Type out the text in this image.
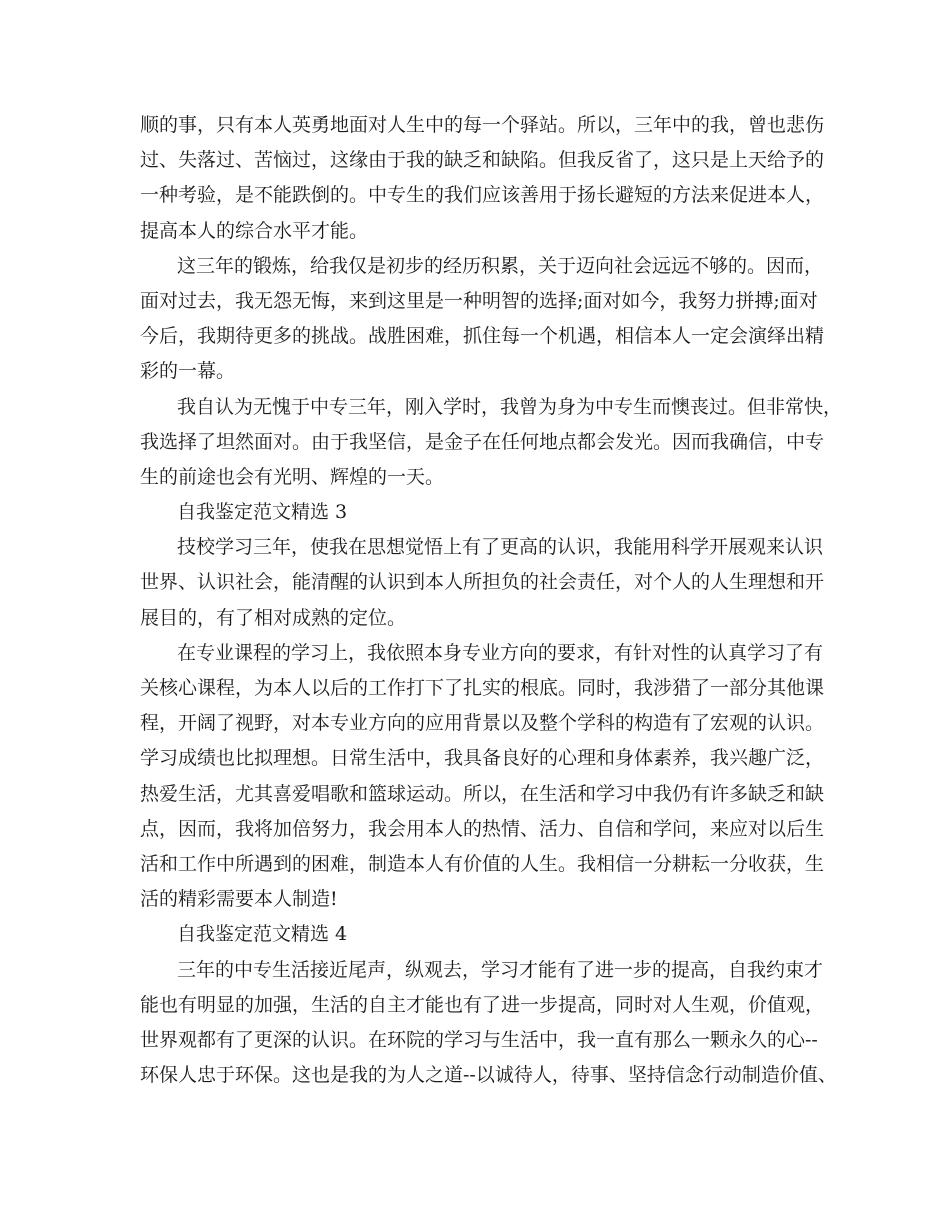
顺的事，只有本人英勇地面对人生中的每一个驿站。所以，三年中的我，曾也悲伤
过、失落过、苦恼过，这缘由于我的缺乏和缺陷。但我反省了，这只是上天给予的
一种考验，是不能跌倒的。中专生的我们应该善用于扬长避短的方法来促进本人，
提高本人的综合水平才能。
这三年的锻炼，给我仅是初步的经历积累，关于迈向社会远远不够的。因而，
面对过去，我无怨无悔，来到这里是一种明智的选择;面对如今，我努力拼搏;面对
今后，我期待更多的挑战。战胜困难，抓住每一个机遇，相信本人一定会演绎出精
彩的一幕。
我自认为无愧于中专三年，刚入学时，我曾为身为中专生而懊丧过。但非常快，
我选择了坦然面对。由于我坚信，是金子在任何地点都会发光。因而我确信，中专
生的前途也会有光明、辉煌的一天。
自我鉴定范文精选 3
技校学习三年，使我在思想觉悟上有了更高的认识，我能用科学开展观来认识
世界、认识社会，能清醒的认识到本人所担负的社会责任，对个人的人生理想和开
展目的，有了相对成熟的定位。
在专业课程的学习上，我依照本身专业方向的要求，有针对性的认真学习了有
关核心课程，为本人以后的工作打下了扎实的根底。同时，我涉猎了一部分其他课
程，开阔了视野，对本专业方向的应用背景以及整个学科的构造有了宏观的认识。
学习成绩也比拟理想。日常生活中，我具备良好的心理和身体素养，我兴趣广泛，
热爱生活，尤其喜爱唱歌和篮球运动。所以，在生活和学习中我仍有许多缺乏和缺
点，因而，我将加倍努力，我会用本人的热情、活力、自信和学问，来应对以后生
活和工作中所遇到的困难，制造本人有价值的人生。我相信一分耕耘一分收获，生
活的精彩需要本人制造!
自我鉴定范文精选 4
三年的中专生活接近尾声，纵观去，学习才能有了进一步的提高，自我约束才
能也有明显的加强，生活的自主才能也有了进一步提高，同时对人生观，价值观，
世界观都有了更深的认识。在环院的学习与生活中，我一直有那么一颗永久的心--
环保人忠于环保。这也是我的为人之道--以诚待人，待事、坚持信念行动制造价值、
